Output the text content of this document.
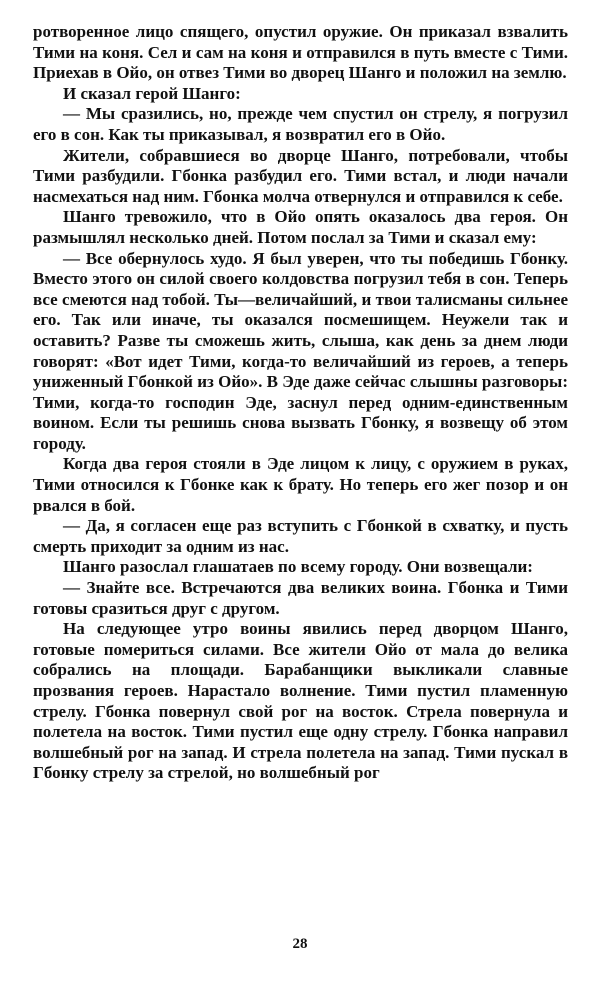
ротворенное лицо спящего, опустил оружие. Он приказал взвалить Тими на коня. Сел и сам на коня и отправился в путь вместе с Тими. Приехав в Ойо, он отвез Тими во дворец Шанго и положил на землю.

И сказал герой Шанго:

— Мы сразились, но, прежде чем спустил он стрелу, я погрузил его в сон. Как ты приказывал, я возвратил его в Ойо.

Жители, собравшиеся во дворце Шанго, потребовали, чтобы Тими разбудили. Гбонка разбудил его. Тими встал, и люди начали насмехаться над ним. Гбонка молча отвернулся и отправился к себе.

Шанго тревожило, что в Ойо опять оказалось два героя. Он размышлял несколько дней. Потом послал за Тими и сказал ему:

— Все обернулось худо. Я был уверен, что ты победишь Гбонку. Вместо этого он силой своего колдовства погрузил тебя в сон. Теперь все смеются над тобой. Ты—величайший, и твои талисманы сильнее его. Так или иначе, ты оказался посмешищем. Неужели так и оставить? Разве ты сможешь жить, слыша, как день за днем люди говорят: «Вот идет Тими, когда-то величайший из героев, а теперь униженный Гбонкой из Ойо». В Эде даже сейчас слышны разговоры: Тими, когда-то господин Эде, заснул перед одним-единственным воином. Если ты решишь снова вызвать Гбонку, я возвещу об этом городу.

Когда два героя стояли в Эде лицом к лицу, с оружием в руках, Тими относился к Гбонке как к брату. Но теперь его жег позор и он рвался в бой.

— Да, я согласен еще раз вступить с Гбонкой в схватку, и пусть смерть приходит за одним из нас.

Шанго разослал глашатаев по всему городу. Они возвещали:

— Знайте все. Встречаются два великих воина. Гбонка и Тими готовы сразиться друг с другом.

На следующее утро воины явились перед дворцом Шанго, готовые помериться силами. Все жители Ойо от мала до велика собрались на площади. Барабанщики выкликали славные прозвания героев. Нарастало волнение. Тими пустил пламенную стрелу. Гбонка повернул свой рог на восток. Стрела повернула и полетела на восток. Тими пустил еще одну стрелу. Гбонка направил волшебный рог на запад. И стрела полетела на запад. Тими пускал в Гбонку стрелу за стрелой, но волшебный рог

28
